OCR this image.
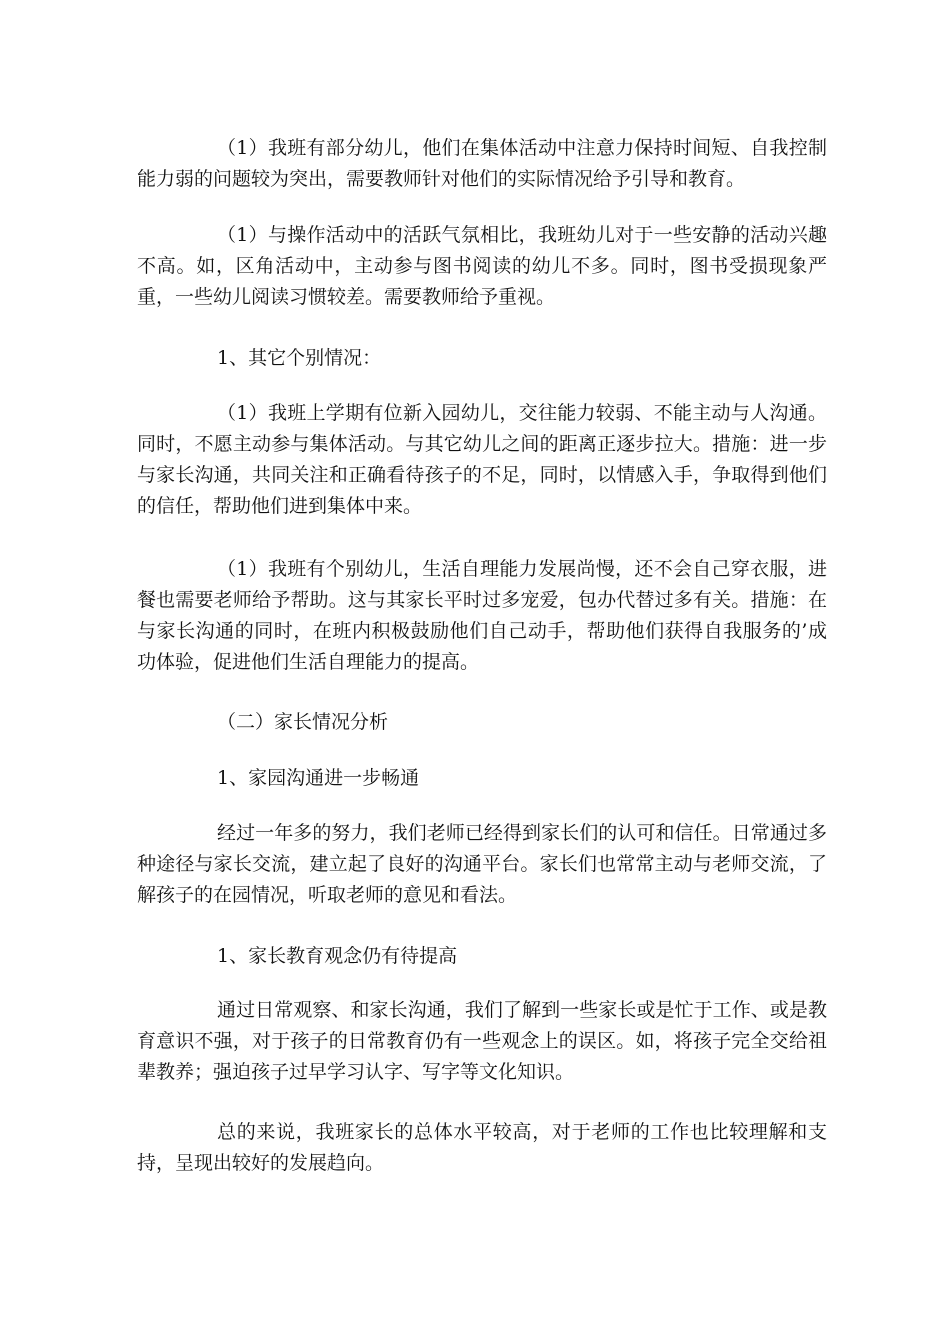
（1）我班有部分幼儿，他们在集体活动中注意力保持时间短、自我控制能力弱的问题较为突出，需要教师针对他们的实际情况给予引导和教育。

（1）与操作活动中的活跃气氛相比，我班幼儿对于一些安静的活动兴趣不高。如，区角活动中，主动参与图书阅读的幼儿不多。同时，图书受损现象严重，一些幼儿阅读习惯较差。需要教师给予重视。

1、其它个别情况：

（1）我班上学期有位新入园幼儿，交往能力较弱、不能主动与人沟通。同时，不愿主动参与集体活动。与其它幼儿之间的距离正逐步拉大。措施：进一步与家长沟通，共同关注和正确看待孩子的不足，同时，以情感入手，争取得到他们的信任，帮助他们进到集体中来。

（1）我班有个别幼儿，生活自理能力发展尚慢，还不会自己穿衣服，进餐也需要老师给予帮助。这与其家长平时过多宠爱，包办代替过多有关。措施：在与家长沟通的同时，在班内积极鼓励他们自己动手，帮助他们获得自我服务的’成功体验，促进他们生活自理能力的提高。

（二）家长情况分析

1、家园沟通进一步畅通

经过一年多的努力，我们老师已经得到家长们的认可和信任。日常通过多种途径与家长交流，建立起了良好的沟通平台。家长们也常常主动与老师交流，了解孩子的在园情况，听取老师的意见和看法。

1、家长教育观念仍有待提高

通过日常观察、和家长沟通，我们了解到一些家长或是忙于工作、或是教育意识不强，对于孩子的日常教育仍有一些观念上的误区。如，将孩子完全交给祖辈教养；强迫孩子过早学习认字、写字等文化知识。

总的来说，我班家长的总体水平较高，对于老师的工作也比较理解和支持，呈现出较好的发展趋向。
